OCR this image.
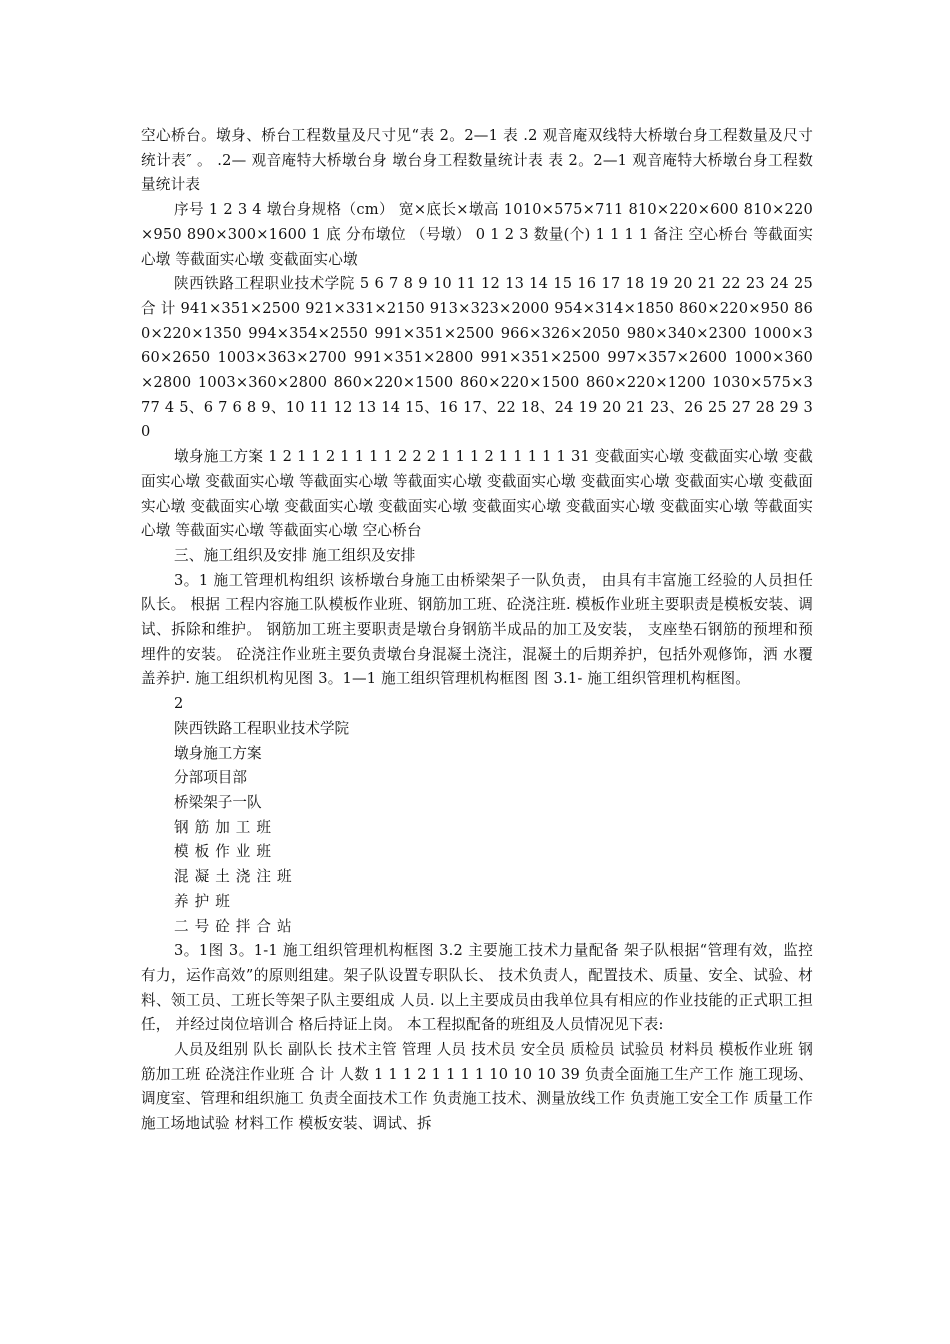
空心桥台。墩身、桥台工程数量及尺寸见“表 2。2—1 表 .2 观音庵双线特大桥墩台身工程数量及尺寸统计表″ 。 .2— 观音庵特大桥墩台身 墩台身工程数量统计表 表 2。2—1 观音庵特大桥墩台身工程数量统计表

序号 1 2 3 4 墩台身规格（cm） 宽×底长×墩高 1010×575×711 810×220×600 810×220×950 890×300×1600 1 底 分布墩位 （号墩） 0 1 2 3 数量(个) 1 1 1 1 备注 空心桥台 等截面实心墩 等截面实心墩 变截面实心墩

陕西铁路工程职业技术学院 5 6 7 8 9 10 11 12 13 14 15 16 17 18 19 20 21 22 23 24 25 合 计 941×351×2500 921×331×2150 913×323×2000 954×314×1850 860×220×950 860×220×1350 994×354×2550 991×351×2500 966×326×2050 980×340×2300 1000×360×2650 1003×363×2700 991×351×2800 991×351×2500 997×357×2600 1000×360×2800 1003×360×2800 860×220×1500 860×220×1500 860×220×1200 1030×575×377 4 5、6 7 6 8 9、10 11 12 13 14 15、16 17、22 18、24 19 20 21 23、26 25 27 28 29 30

墩身施工方案 1 2 1 1 2 1 1 1 1 2 2 2 1 1 1 2 1 1 1 1 1 31 变截面实心墩 变截面实心墩 变截面实心墩 变截面实心墩 等截面实心墩 等截面实心墩 变截面实心墩 变截面实心墩 变截面实心墩 变截面实心墩 变截面实心墩 变截面实心墩 变截面实心墩 变截面实心墩 变截面实心墩 变截面实心墩 等截面实心墩 等截面实心墩 等截面实心墩 空心桥台

三、施工组织及安排 施工组织及安排

3。1 施工管理机构组织 该桥墩台身施工由桥梁架子一队负责， 由具有丰富施工经验的人员担任队长。 根据 工程内容施工队模板作业班、钢筋加工班、砼浇注班. 模板作业班主要职责是模板安装、调试、拆除和维护。 钢筋加工班主要职责是墩台身钢筋半成品的加工及安装， 支座垫石钢筋的预埋和预 埋件的安装。 砼浇注作业班主要负责墩台身混凝土浇注，混凝土的后期养护，包括外观修饰，洒 水覆盖养护. 施工组织机构见图 3。1—1 施工组织管理机构框图 图 3.1- 施工组织管理机构框图。

2

陕西铁路工程职业技术学院

墩身施工方案

分部项目部

桥梁架子一队

钢筋加工班

模板作业班

混凝土浇注班

养护班

二号砼拌合站

3。1图 3。1-1 施工组织管理机构框图 3.2 主要施工技术力量配备 架子队根据“管理有效，监控有力，运作高效”的原则组建。架子队设置专职队长、 技术负责人，配置技术、质量、安全、试验、材料、领工员、工班长等架子队主要组成 人员. 以上主要成员由我单位具有相应的作业技能的正式职工担任， 并经过岗位培训合 格后持证上岗。 本工程拟配备的班组及人员情况见下表:

人员及组别 队长 副队长 技术主管 管理 人员 技术员 安全员 质检员 试验员 材料员 模板作业班 钢筋加工班 砼浇注作业班 合 计 人数 1 1 1 2 1 1 1 1 10 10 10 39 负责全面施工生产工作 施工现场、调度室、管理和组织施工 负责全面技术工作 负责施工技术、测量放线工作 负责施工安全工作 质量工作 施工场地试验 材料工作 模板安装、调试、拆
